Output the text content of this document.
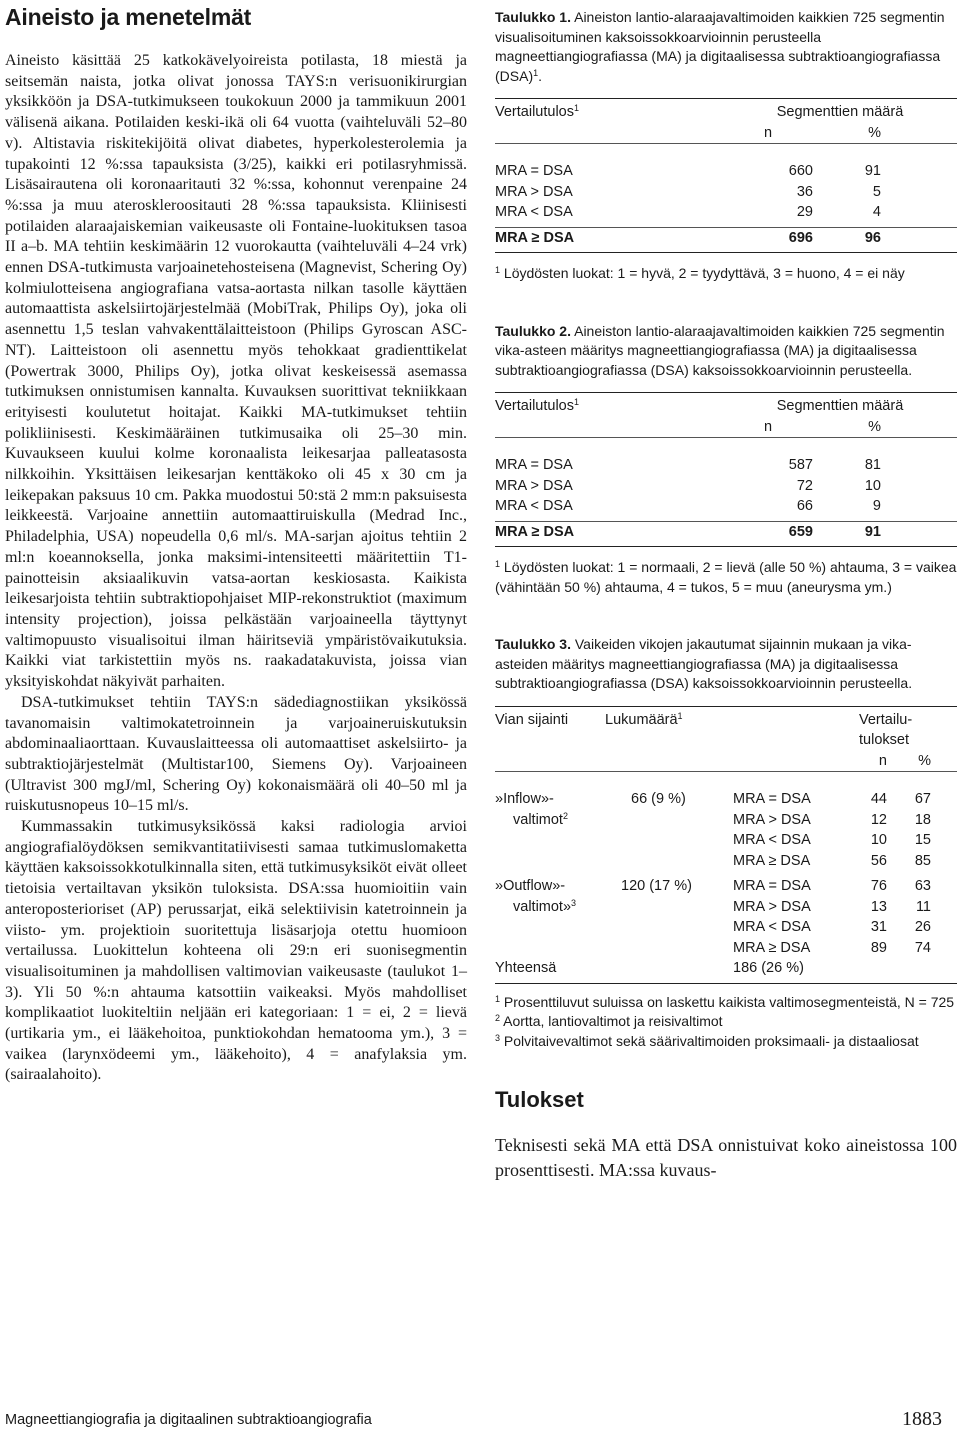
Aineisto ja menetelmät

Aineisto käsittää 25 katkokävelyoireista potilasta, 18 miestä ja seitsemän naista, jotka olivat jonossa TAYS:n verisuonikirurgian yksikköön ja DSA-tutkimukseen toukokuun 2000 ja tammikuun 2001 välisenä aikana. Potilaiden keski-ikä oli 64 vuotta (vaihteluväli 52–80 v). Altistavia riskitekijöitä olivat diabetes, hyperkolesterolemia ja tupakointi 12 %:ssa tapauksista (3/25), kaikki eri potilasryhmissä. Lisäsairautena oli koronaaritauti 32 %:ssa, kohonnut verenpaine 24 %:ssa ja muu ateroskleroositauti 28 %:ssa tapauksista. Kliinisesti potilaiden alaraajaiskemian vaikeusaste oli Fontaine-luokituksen tasoa II a–b. MA tehtiin keskimäärin 12 vuorokautta (vaihteluväli 4–24 vrk) ennen DSA-tutkimusta varjoainetehosteisena (Magnevist, Schering Oy) kolmiulotteisena angiografiana vatsa-aortasta nilkan tasolle käyttäen automaattista askelsiirtojärjestelmää (MobiTrak, Philips Oy), joka oli asennettu 1,5 teslan vahvakenttälaitteistoon (Philips Gyroscan ASC-NT). Laitteistoon oli asennettu myös tehokkaat gradienttikelat (Powertrak 3000, Philips Oy), jotka olivat keskeisessä asemassa tutkimuksen onnistumisen kannalta. Kuvauksen suorittivat tekniikkaan erityisesti koulutetut hoitajat. Kaikki MA-tutkimukset tehtiin polikliinisesti. Keskimääräinen tutkimusaika oli 25–30 min. Kuvaukseen kuului kolme koronaalista leikesarjaa palleatasosta nilkkoihin. Yksittäisen leikesarjan kenttäkoko oli 45 x 30 cm ja leikepakan paksuus 10 cm. Pakka muodostui 50:stä 2 mm:n paksuisesta leikkeestä. Varjoaine annettiin automaattiruiskulla (Medrad Inc., Philadelphia, USA) nopeudella 0,6 ml/s. MA-sarjan ajoitus tehtiin 2 ml:n koeannoksella, jonka maksimi-intensiteetti määritettiin T1-painotteisin aksiaalikuvin vatsa-aortan keskiosasta. Kaikista leikesarjoista tehtiin subtraktiopohjaiset MIP-rekonstruktiot (maximum intensity projection), joissa pelkästään varjoaineella täyttynyt valtimopuusto visualisoitui ilman häiritseviä ympäristövaikutuksia. Kaikki viat tarkistettiin myös ns. raakadatakuvista, joissa vian yksityiskohdat näkyivät parhaiten.

DSA-tutkimukset tehtiin TAYS:n sädediagnostiikan yksikössä tavanomaisin valtimokatetroinnein ja varjoaineruiskutuksin abdominaaliaorttaan. Kuvauslaitteessa oli automaattiset askelsiirto- ja subtraktiojärjestelmät (Multistar100, Siemens Oy). Varjoaineen (Ultravist 300 mgJ/ml, Schering Oy) kokonaismäärä oli 40–50 ml ja ruiskutusnopeus 10–15 ml/s.

Kummassakin tutkimusyksikössä kaksi radiologia arvioi angiografialöydöksen semikvantitatiivisesti samaa tutkimuslomaketta käyttäen kaksoissokkotulkinnalla siten, että tutkimusyksiköt eivät olleet tietoisia vertailtavan yksikön tuloksista. DSA:ssa huomioitiin vain anteroposterioriset (AP) perussarjat, eikä selektiivisin katetroinnein ja viisto- ym. projektioin suoritettuja lisäsarjoja otettu huomioon vertailussa. Luokittelun kohteena oli 29:n eri suonisegmentin visualisoituminen ja mahdollisen valtimovian vaikeusaste (taulukot 1–3). Yli 50 %:n ahtauma katsottiin vaikeaksi. Myös mahdolliset komplikaatiot luokiteltiin neljään eri kategoriaan: 1 = ei, 2 = lievä (urtikaria ym., ei lääkehoitoa, punktiokohdan hematooma ym.), 3 = vaikea (larynxödeemi ym., lääkehoito), 4 = anafylaksia ym. (sairaalahoito).

Taulukko 1. Aineiston lantio-alaraajavaltimoiden kaikkien 725 segmentin visualisoituminen kaksoissokkoarvioinnin perusteella magneettiangiografiassa (MA) ja digitaalisessa subtraktioangiografiassa (DSA)$^1$.

Vertailutulos$^1$	Segmenttien määrä	
	n	%

MRA = DSA	660	91
MRA > DSA	36	5
MRA < DSA	29	4

MRA ≥ DSA	696	96

$^1$ Löydösten luokat: 1 = hyvä, 2 = tyydyttävä, 3 = huono, 4 = ei näy

Taulukko 2. Aineiston lantio-alaraajavaltimoiden kaikkien 725 segmentin vika-asteen määritys magneettiangiografiassa (MA) ja digitaalisessa subtraktioangiografiassa (DSA) kaksoissokkoarvioinnin perusteella.

Vertailutulos$^1$	Segmenttien määrä	
	n	%

MRA = DSA	587	81
MRA > DSA	72	10
MRA < DSA	66	9

MRA ≥ DSA	659	91

$^1$ Löydösten luokat: 1 = normaali, 2 = lievä (alle 50 %) ahtauma, 3 = vaikea (vähintään 50 %) ahtauma, 4 = tukos, 5 = muu (aneurysma ym.)

Taulukko 3. Vaikeiden vikojen jakautumat sijainnin mukaan ja vika-asteiden määritys magneettiangiografiassa (MA) ja digitaalisessa subtraktioangiografiassa (DSA) kaksoissokkoarvioinnin perusteella.

Vian sijainti	Lukumäärä$^1$		Vertailu-	
			tulokset	
			n	%

»Inflow»-	66 (9 %)	MRA = DSA	44	67
valtimot$^2$		MRA > DSA	12	18
		MRA < DSA	10	15
		MRA ≥ DSA	56	85

»Outflow»-	120 (17 %)	MRA = DSA	76	63
valtimot»$^3$		MRA > DSA	13	11
		MRA < DSA	31	26
		MRA ≥ DSA	89	74
Yhteensä		186 (26 %)		

$^1$ Prosenttiluvut suluissa on laskettu kaikista valtimosegmenteistä, N = 725

$^2$ Aortta, lantiovaltimot ja reisivaltimot

$^3$ Polvitaivevaltimot sekä säärivaltimoiden proksimaali- ja distaaliosat

Tulokset

Teknisesti sekä MA että DSA onnistuivat koko aineistossa 100 prosenttisesti. MA:ssa kuvaus-

Magneettiangiografia ja digitaalinen subtraktioangiografia	1883
